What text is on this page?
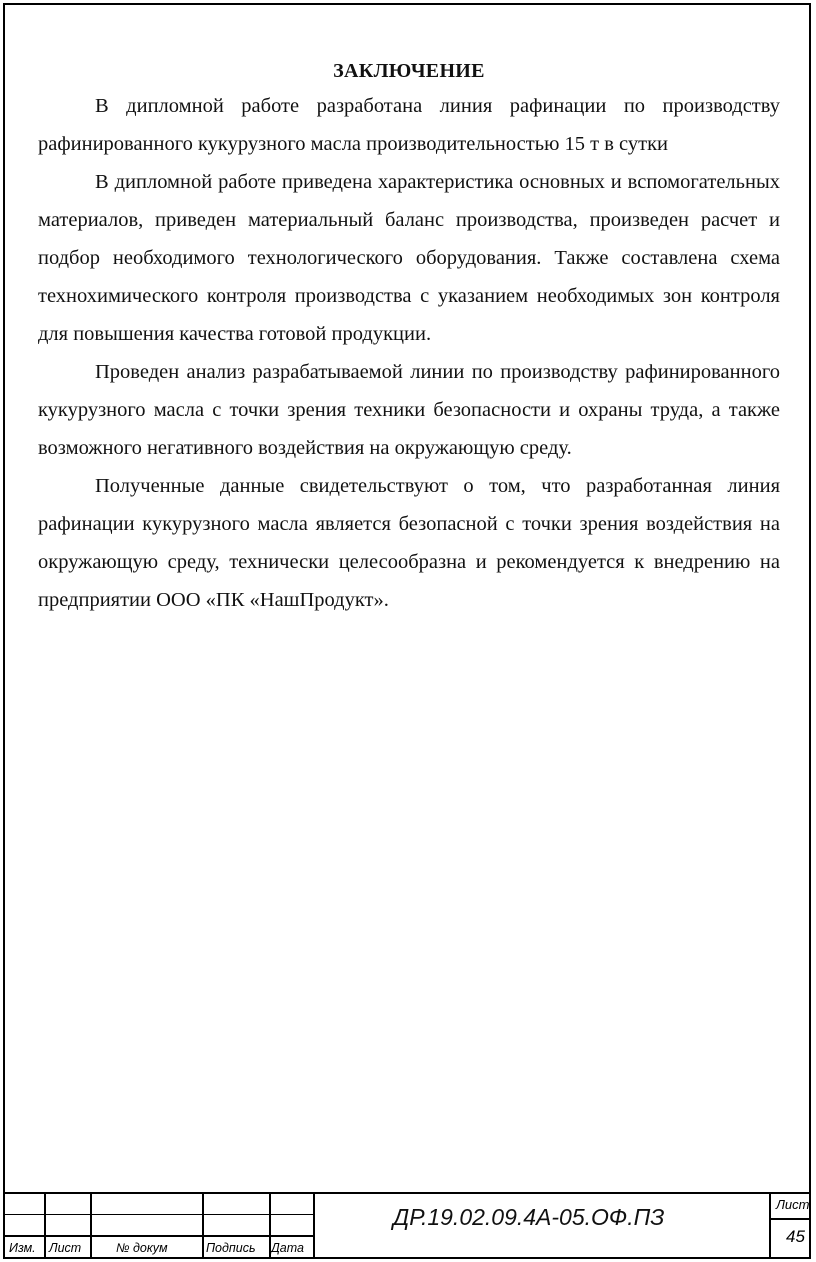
ЗАКЛЮЧЕНИЕ

В дипломной работе разработана линия рафинации по производству рафинированного кукурузного масла производительностью 15 т в сутки

В дипломной работе приведена характеристика основных и вспомогательных материалов, приведен материальный баланс производства, произведен расчет и подбор необходимого технологического оборудования. Также составлена схема технохимического контроля производства с указанием необходимых зон контроля для повышения качества готовой продукции.

Проведен анализ разрабатываемой линии по производству рафинированного кукурузного масла с точки зрения техники безопасности и охраны труда, а также возможного негативного воздействия на окружающую среду.

Полученные данные свидетельствуют о том, что разработанная линия рафинации кукурузного масла является безопасной с точки зрения воздействия на окружающую среду, технически целесообразна и рекомендуется к внедрению на предприятии ООО «ПК «НашПродукт».

Изм. Лист	№ докум	Подпись Дата
ДР.19.02.09.4А-05.ОФ.ПЗ	Лист
45
